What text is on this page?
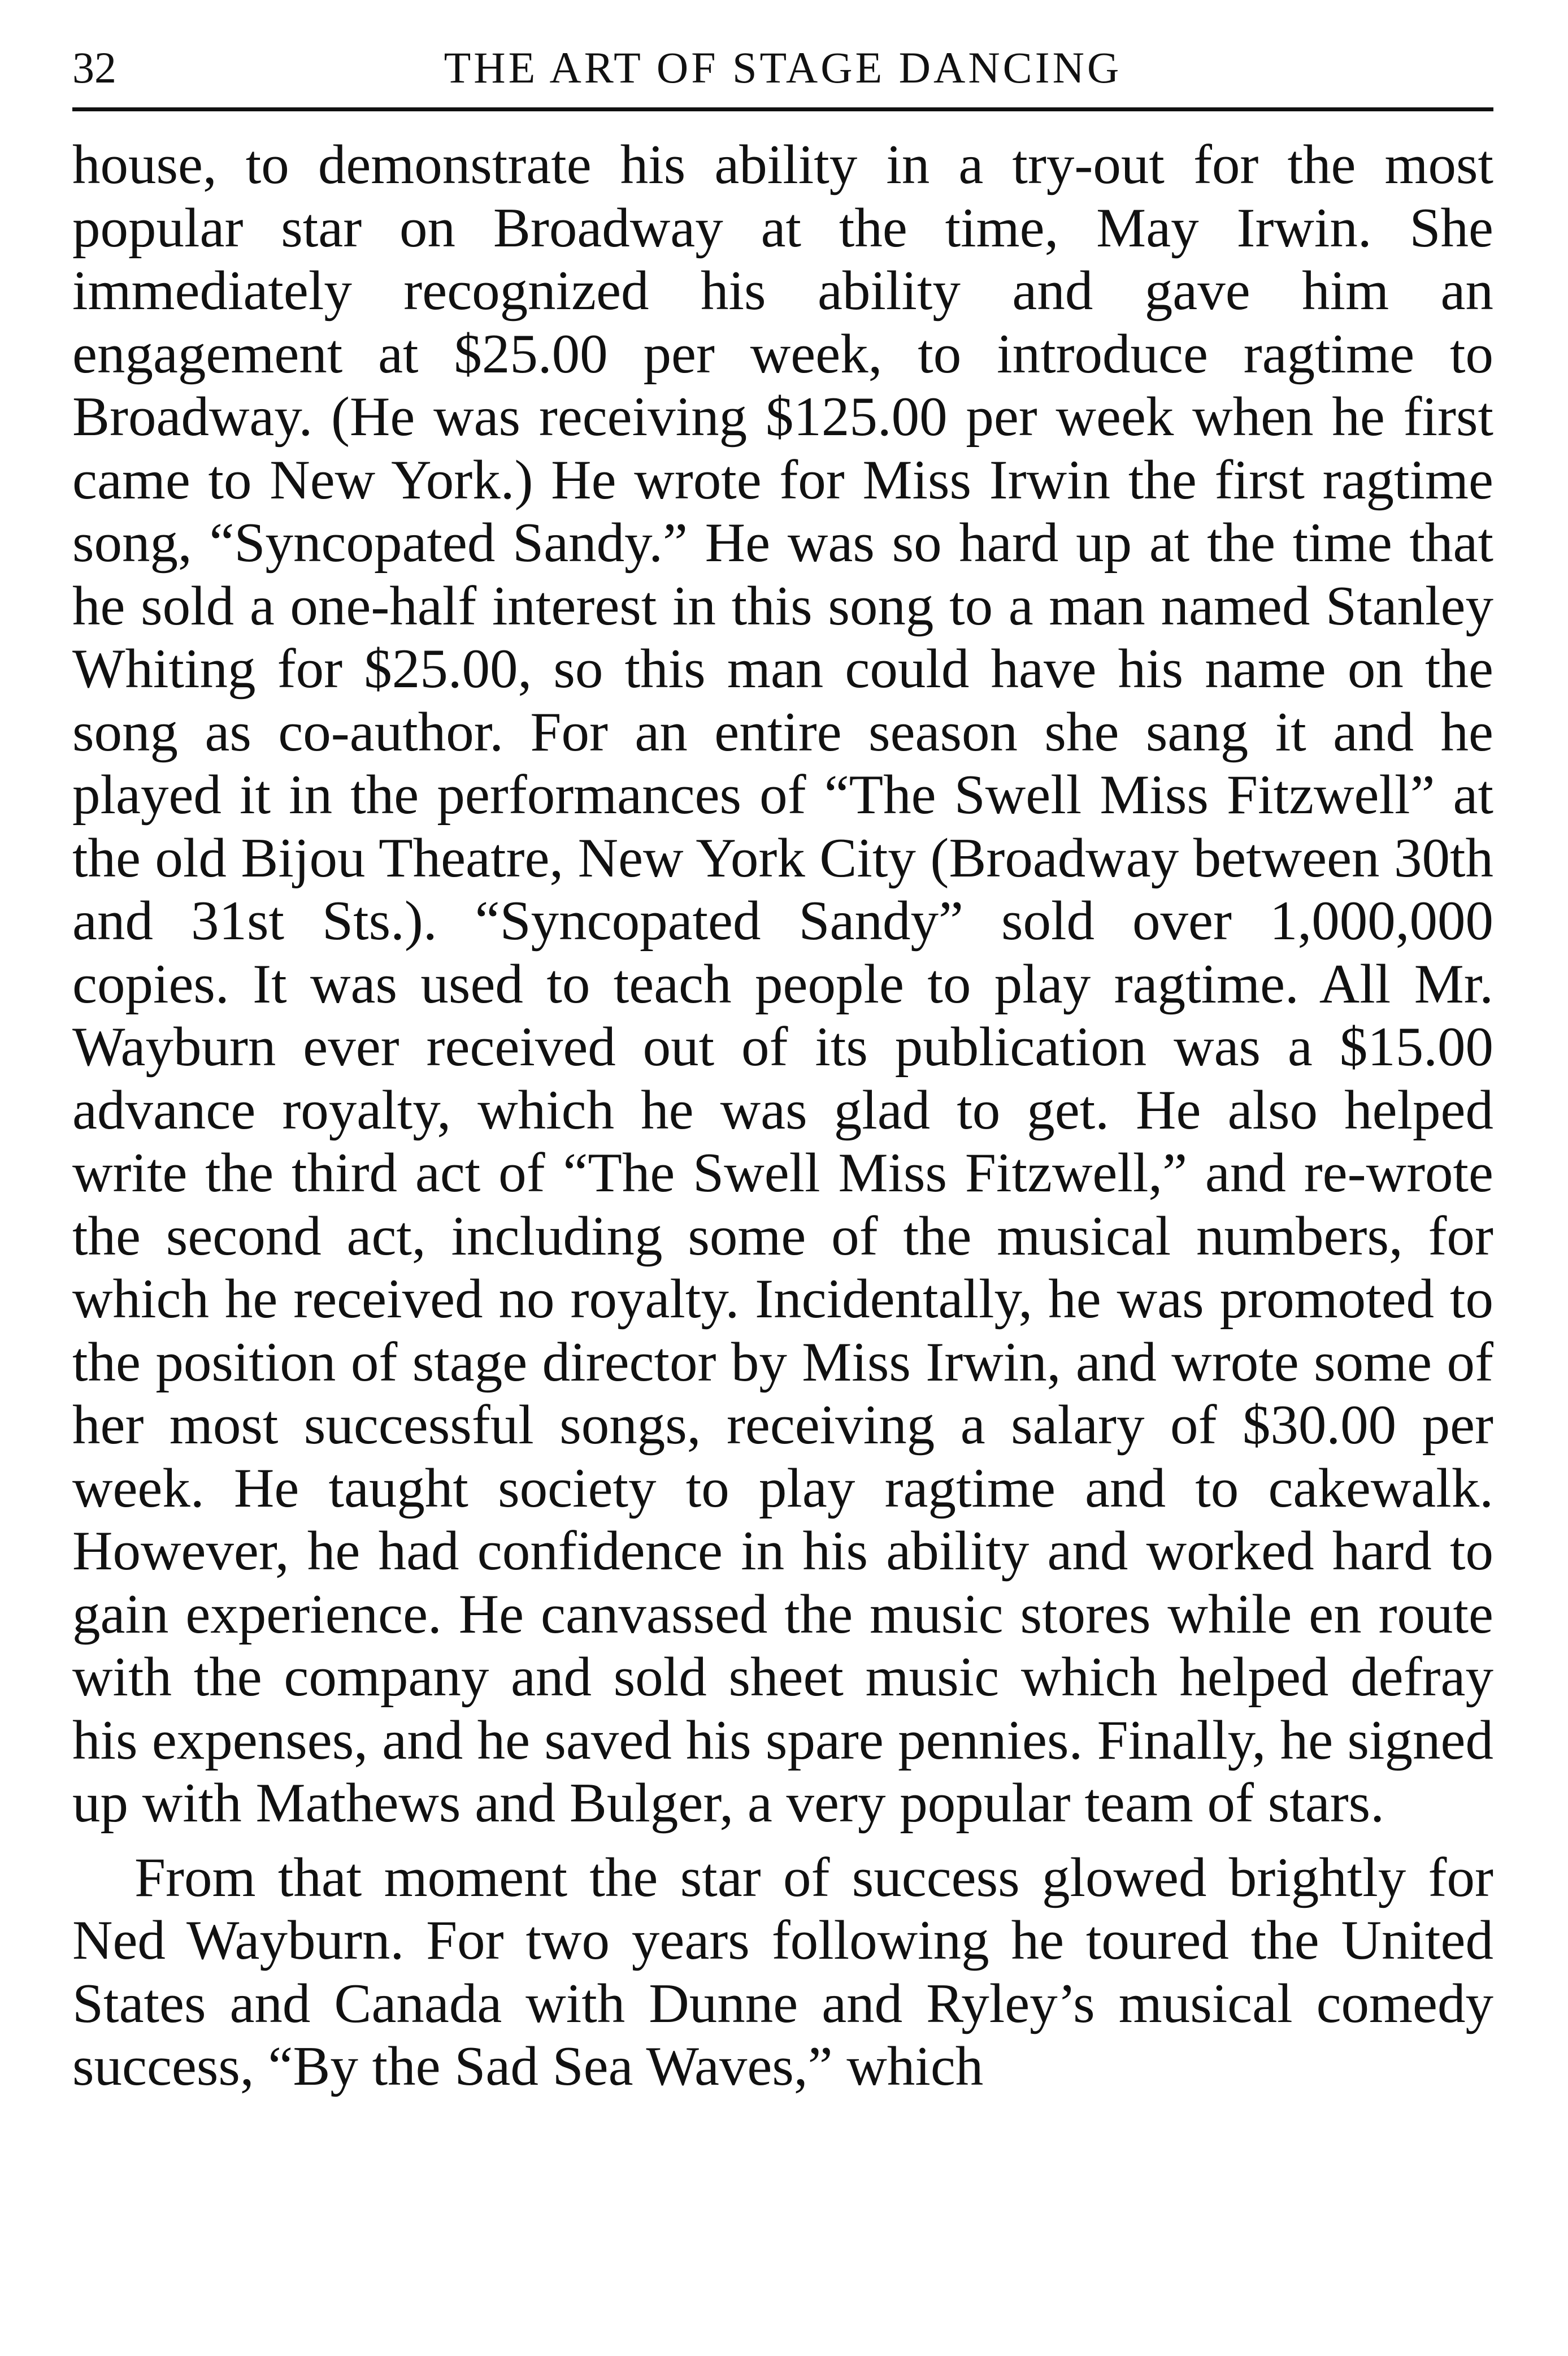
32	THE ART OF STAGE DANCING

house, to demonstrate his ability in a try-out for the most popular star on Broadway at the time, May Irwin. She immediately recognized his ability and gave him an engagement at $25.00 per week, to introduce ragtime to Broadway. (He was receiving $125.00 per week when he first came to New York.) He wrote for Miss Irwin the first ragtime song, “Syncopated Sandy.” He was so hard up at the time that he sold a one-half interest in this song to a man named Stanley Whiting for $25.00, so this man could have his name on the song as co-author. For an entire season she sang it and he played it in the performances of “The Swell Miss Fitzwell” at the old Bijou Theatre, New York City (Broadway between 30th and 31st Sts.). “Syncopated Sandy” sold over 1,000,000 copies. It was used to teach people to play ragtime. All Mr. Wayburn ever received out of its publication was a $15.00 advance royalty, which he was glad to get. He also helped write the third act of “The Swell Miss Fitzwell,” and re-wrote the second act, including some of the musical numbers, for which he received no royalty. Incidentally, he was promoted to the position of stage director by Miss Irwin, and wrote some of her most successful songs, receiving a salary of $30.00 per week. He taught society to play ragtime and to cakewalk. However, he had confidence in his ability and worked hard to gain experience. He canvassed the music stores while en route with the company and sold sheet music which helped defray his expenses, and he saved his spare pennies. Finally, he signed up with Mathews and Bulger, a very popular team of stars.

From that moment the star of success glowed brightly for Ned Wayburn. For two years following he toured the United States and Canada with Dunne and Ryley’s musical comedy success, “By the Sad Sea Waves,” which
